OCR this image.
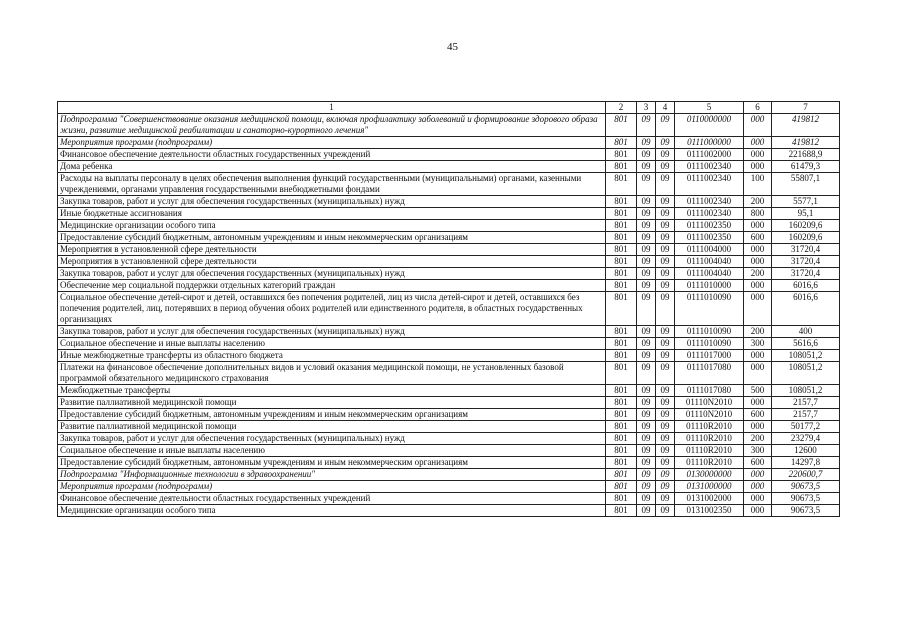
45
1	2	3	4	5	6	7
Подпрограмма "Совершенствование оказания медицинской помощи, включая профилактику заболеваний и формирование здорового образа жизни, развитие медицинской реабилитации и санаторно-курортного лечения"	801	09	09	0110000000	000	419812
Мероприятия программ (подпрограмм)	801	09	09	0111000000	000	419812
Финансовое обеспечение деятельности областных государственных учреждений	801	09	09	0111002000	000	221688,9
Дома ребенка	801	09	09	0111002340	000	61479,3
Расходы на выплаты персоналу в целях обеспечения выполнения функций государственными (муниципальными) органами, казенными учреждениями, органами управления государственными внебюджетными фондами	801	09	09	0111002340	100	55807,1
Закупка товаров, работ и услуг для обеспечения государственных (муниципальных) нужд	801	09	09	0111002340	200	5577,1
Иные бюджетные ассигнования	801	09	09	0111002340	800	95,1
Медицинские организации особого типа	801	09	09	0111002350	000	160209,6
Предоставление субсидий бюджетным, автономным учреждениям и иным некоммерческим организациям	801	09	09	0111002350	600	160209,6
Мероприятия в установленной сфере деятельности	801	09	09	0111004000	000	31720,4
Мероприятия в установленной сфере деятельности	801	09	09	0111004040	000	31720,4
Закупка товаров, работ и услуг для обеспечения государственных (муниципальных) нужд	801	09	09	0111004040	200	31720,4
Обеспечение мер социальной поддержки отдельных категорий граждан	801	09	09	0111010000	000	6016,6
Социальное обеспечение детей-сирот и детей, оставшихся без попечения родителей, лиц из числа детей-сирот и детей, оставшихся без попечения родителей, лиц, потерявших в период обучения обоих родителей или единственного родителя, в областных государственных организациях	801	09	09	0111010090	000	6016,6
Закупка товаров, работ и услуг для обеспечения государственных (муниципальных) нужд	801	09	09	0111010090	200	400
Социальное обеспечение и иные выплаты населению	801	09	09	0111010090	300	5616,6
Иные межбюджетные трансферты из областного бюджета	801	09	09	0111017000	000	108051,2
Платежи на финансовое обеспечение дополнительных видов и условий оказания медицинской помощи, не установленных базовой программой обязательного медицинского страхования	801	09	09	0111017080	000	108051,2
Межбюджетные трансферты	801	09	09	0111017080	500	108051,2
Развитие паллиативной медицинской помощи	801	09	09	01110N2010	000	2157,7
Предоставление субсидий бюджетным, автономным учреждениям и иным некоммерческим организациям	801	09	09	01110N2010	600	2157,7
Развитие паллиативной медицинской помощи	801	09	09	01110R2010	000	50177,2
Закупка товаров, работ и услуг для обеспечения государственных (муниципальных) нужд	801	09	09	01110R2010	200	23279,4
Социальное обеспечение и иные выплаты населению	801	09	09	01110R2010	300	12600
Предоставление субсидий бюджетным, автономным учреждениям и иным некоммерческим организациям	801	09	09	01110R2010	600	14297,8
Подпрограмма "Информационные технологии в здравоохранении"	801	09	09	0130000000	000	220600,7
Мероприятия программ (подпрограмм)	801	09	09	0131000000	000	90673,5
Финансовое обеспечение деятельности областных государственных учреждений	801	09	09	0131002000	000	90673,5
Медицинские организации особого типа	801	09	09	0131002350	000	90673,5
